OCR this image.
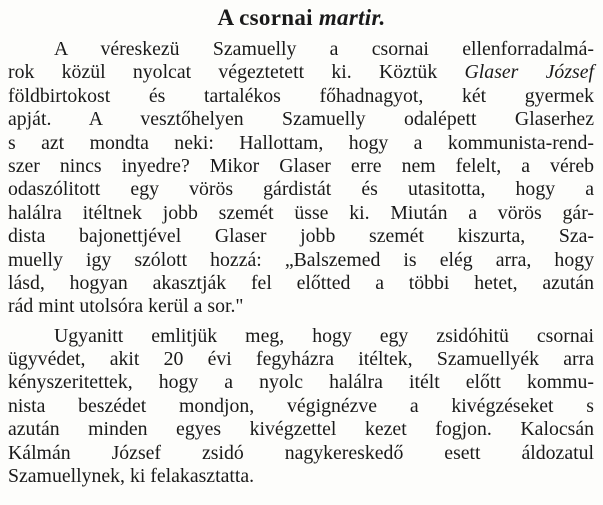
A csornai martir.
A véreskezü Szamuelly a csornai ellenforradalmá-
rok közül nyolcat végeztetett ki. Köztük Glaser József
földbirtokost és tartalékos főhadnagyot, két gyermek
apját. A vesztőhelyen Szamuelly odalépett Glaserhez
s azt mondta neki: Hallottam, hogy a kommunista-rend-
szer nincs inyedre? Mikor Glaser erre nem felelt, a vérеb
odaszólitott egy vörös gárdistát és utasitotta, hogy a
halálra itéltnek jobb szemét üsse ki. Miután a vörös gár-
dista bajonettjével Glaser jobb szemét kiszurta, Sza-
muelly igy szólott hozzá: „Balszemed is elég arra, hogy
lásd, hogyan akasztják fel előtted a többi hetet, azután
rád mint utolsóra kerül a sor."
Ugyanitt emlitjük meg, hogy egy zsidóhitü csornai
ügyvédet, akit 20 évi fegyházra itéltek, Szamuellyék arra
kényszeritettek, hogy a nyolc halálra itélt előtt kommu-
nista beszédet mondjon, végignézve a kivégzéseket s
azután minden egyes kivégzettel kezet fogjon. Kalocsán
Kálmán József zsidó nagykereskedő esett áldozatul
Szamuellynek, ki felakasztatta.
